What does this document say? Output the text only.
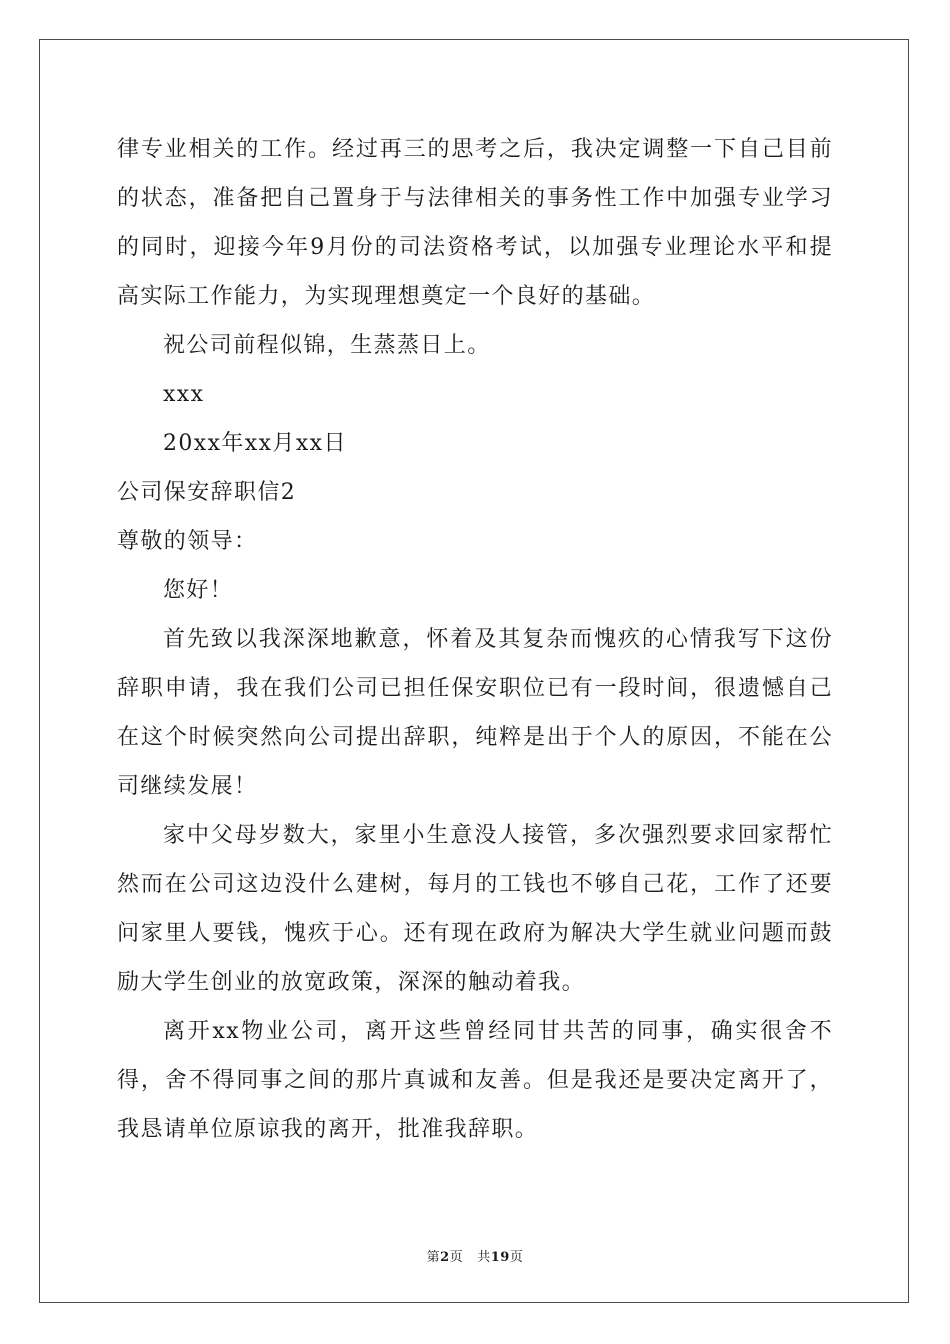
律专业相关的工作。经过再三的思考之后，我决定调整一下自己目前的状态，准备把自己置身于与法律相关的事务性工作中加强专业学习的同时，迎接今年9月份的司法资格考试，以加强专业理论水平和提高实际工作能力，为实现理想奠定一个良好的基础。

祝公司前程似锦，生蒸蒸日上。

xxx

20xx年xx月xx日

公司保安辞职信2

尊敬的领导：

您好！

首先致以我深深地歉意，怀着及其复杂而愧疚的心情我写下这份辞职申请，我在我们公司已担任保安职位已有一段时间，很遗憾自己在这个时候突然向公司提出辞职，纯粹是出于个人的原因，不能在公司继续发展！

家中父母岁数大，家里小生意没人接管，多次强烈要求回家帮忙然而在公司这边没什么建树，每月的工钱也不够自己花，工作了还要问家里人要钱，愧疚于心。还有现在政府为解决大学生就业问题而鼓励大学生创业的放宽政策，深深的触动着我。

离开xx物业公司，离开这些曾经同甘共苦的同事，确实很舍不得，舍不得同事之间的那片真诚和友善。但是我还是要决定离开了，我恳请单位原谅我的离开，批准我辞职。

第2页 共19页
